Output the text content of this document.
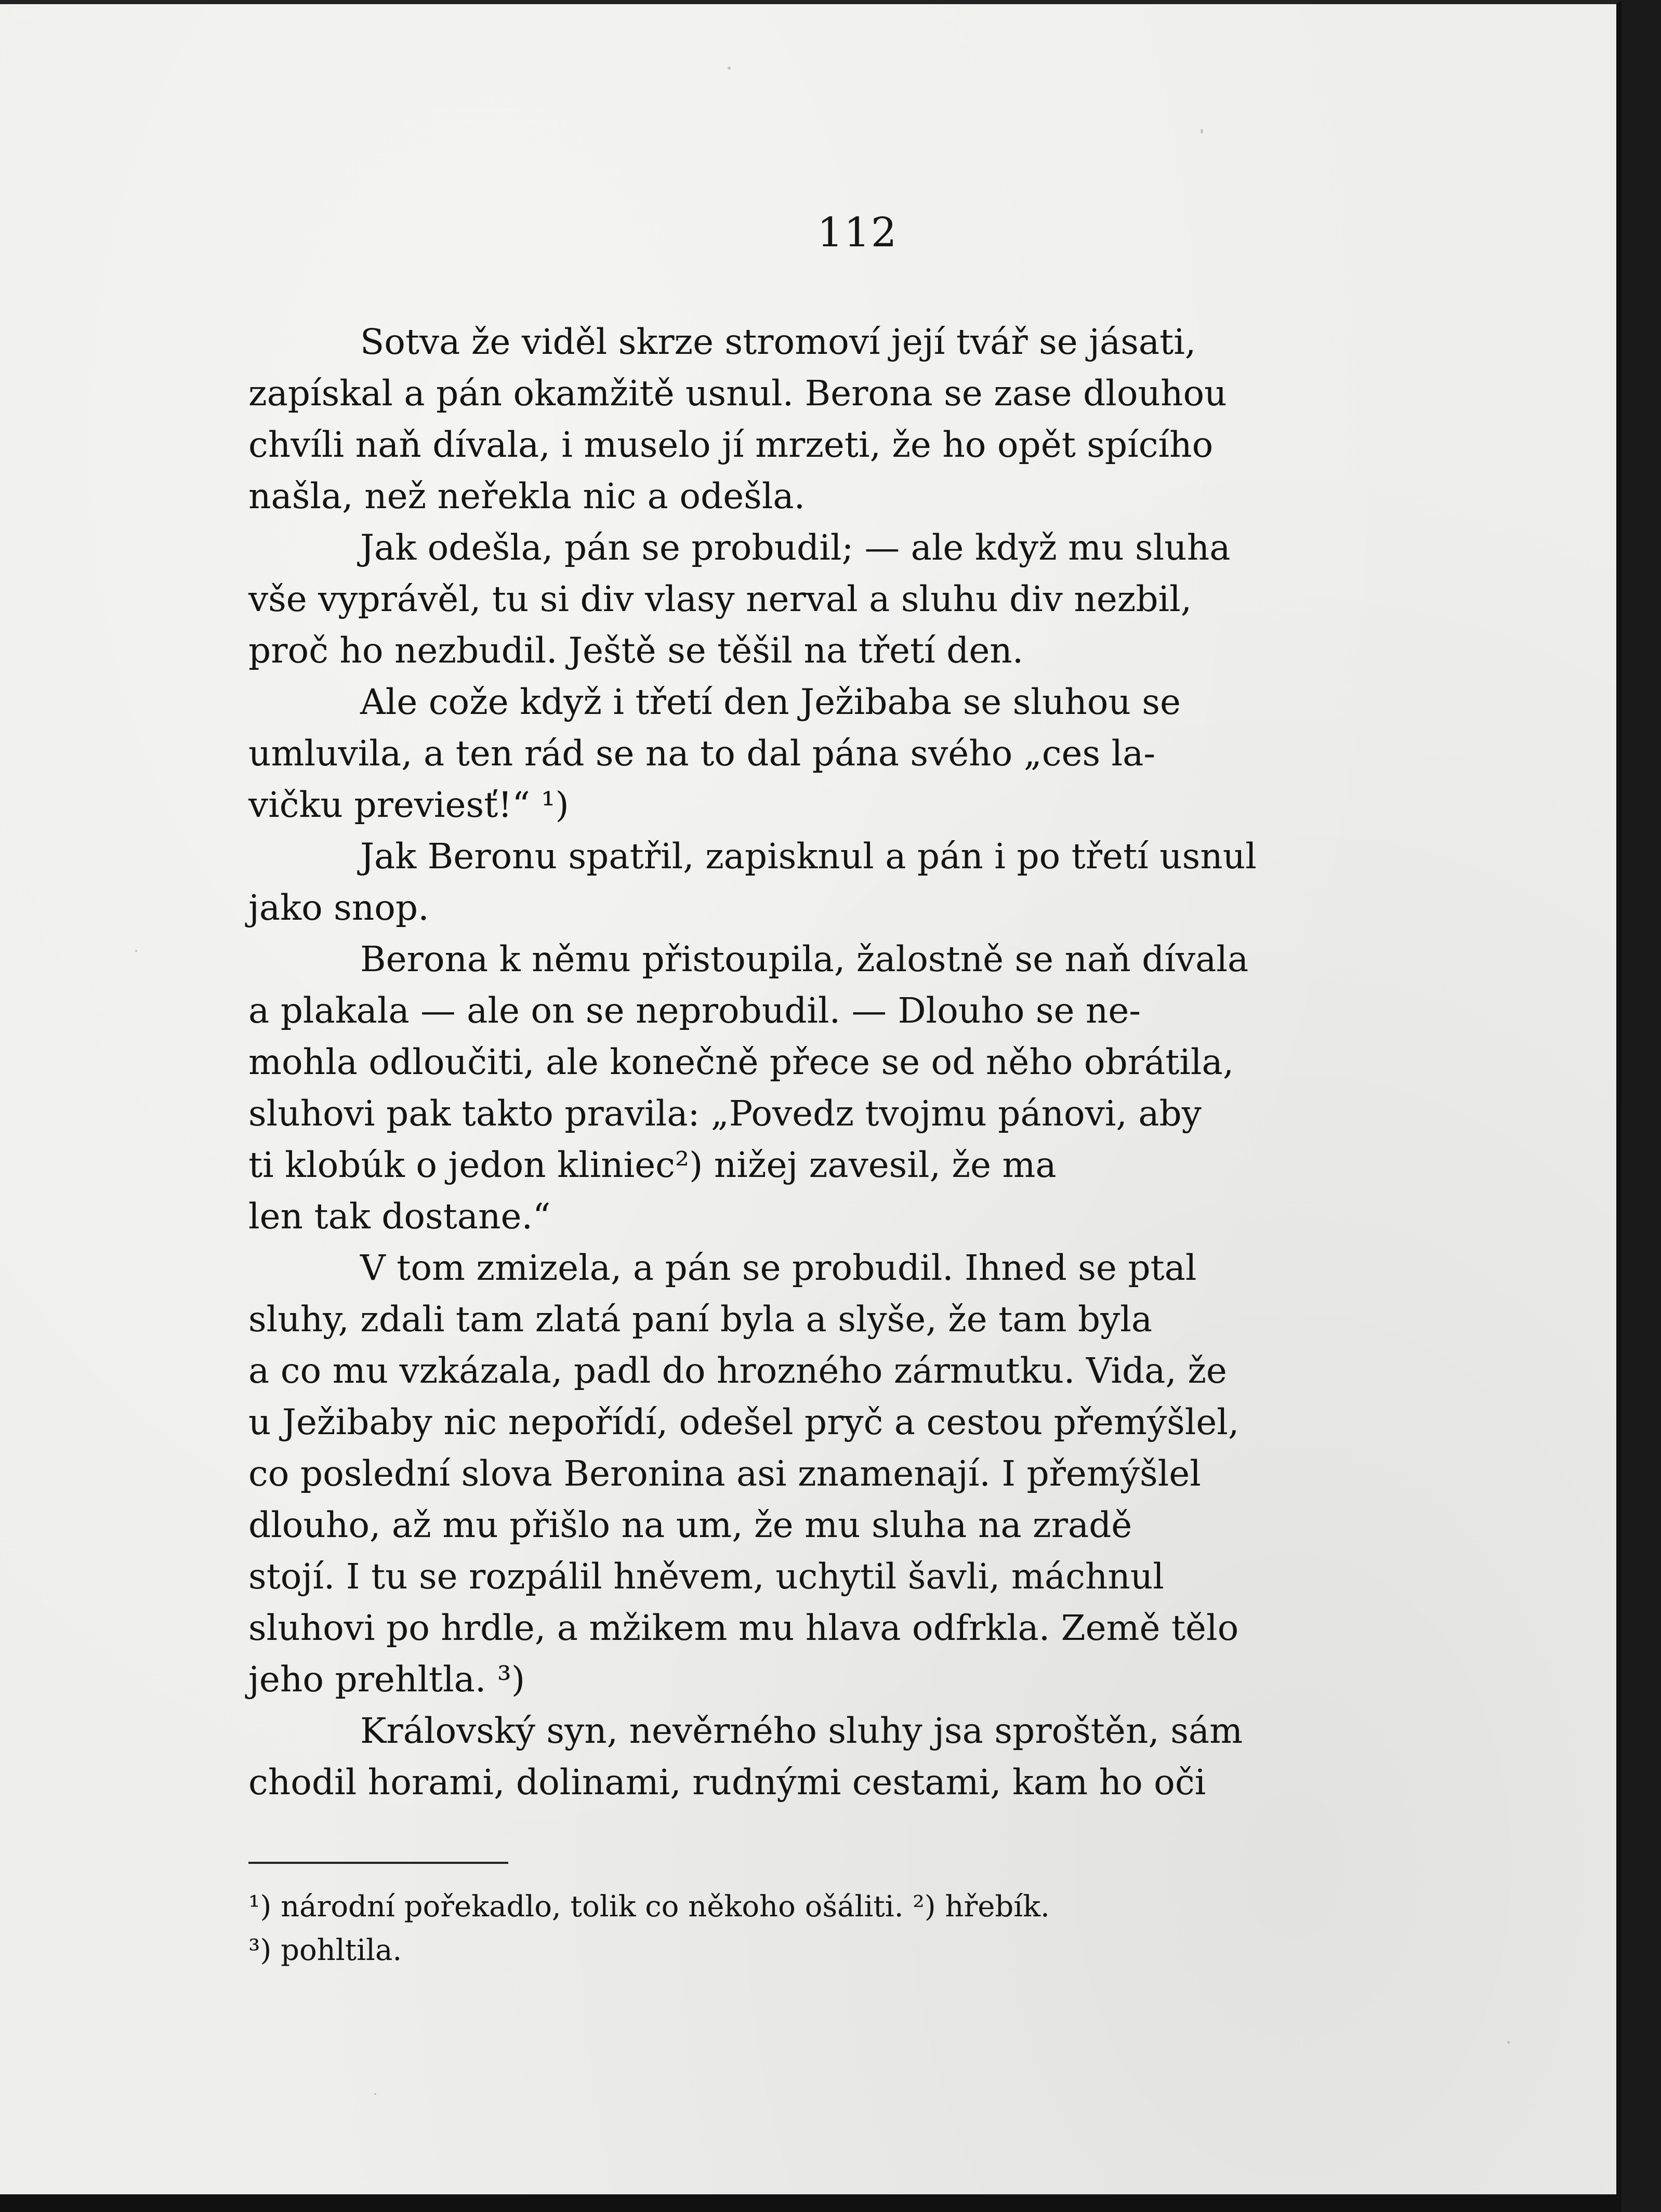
112

Sotva že viděl skrze stromoví její tvář se jásati,
zapískal a pán okamžitě usnul. Berona se zase dlouhou
chvíli naň dívala, i muselo jí mrzeti, že ho opět spícího
našla, než neřekla nic a odešla.

Jak odešla, pán se probudil; — ale když mu sluha
vše vyprávěl, tu si div vlasy nerval a sluhu div nezbil,
proč ho nezbudil. Ještě se těšil na třetí den.

Ale cože když i třetí den Ježibaba se sluhou se
umluvila, a ten rád se na to dal pána svého „ces la-
vičku previesť!“ ¹)

Jak Beronu spatřil, zapisknul a pán i po třetí usnul
jako snop.

Berona k němu přistoupila, žalostně se naň dívala
a plakala — ale on se neprobudil. — Dlouho se ne-
mohla odloučiti, ale konečně přece se od něho obrátila,
sluhovi pak takto pravila: „Povedz tvojmu pánovi, aby
ti klobúk o jedon kliniec²) nižej zavesil, že ma
len tak dostane.“

V tom zmizela, a pán se probudil. Ihned se ptal
sluhy, zdali tam zlatá paní byla a slyše, že tam byla
a co mu vzkázala, padl do hrozného zármutku. Vida, že
u Ježibaby nic nepořídí, odešel pryč a cestou přemýšlel,
co poslední slova Beronina asi znamenají. I přemýšlel
dlouho, až mu přišlo na um, že mu sluha na zradě
stojí. I tu se rozpálil hněvem, uchytil šavli, máchnul
sluhovi po hrdle, a mžikem mu hlava odfrkla. Země tělo
jeho prehltla. ³)

Královský syn, nevěrného sluhy jsa sproštěn, sám
chodil horami, dolinami, rudnými cestami, kam ho oči

¹) národní pořekadlo, tolik co někoho ošáliti. ²) hřebík.
³) pohltila.
